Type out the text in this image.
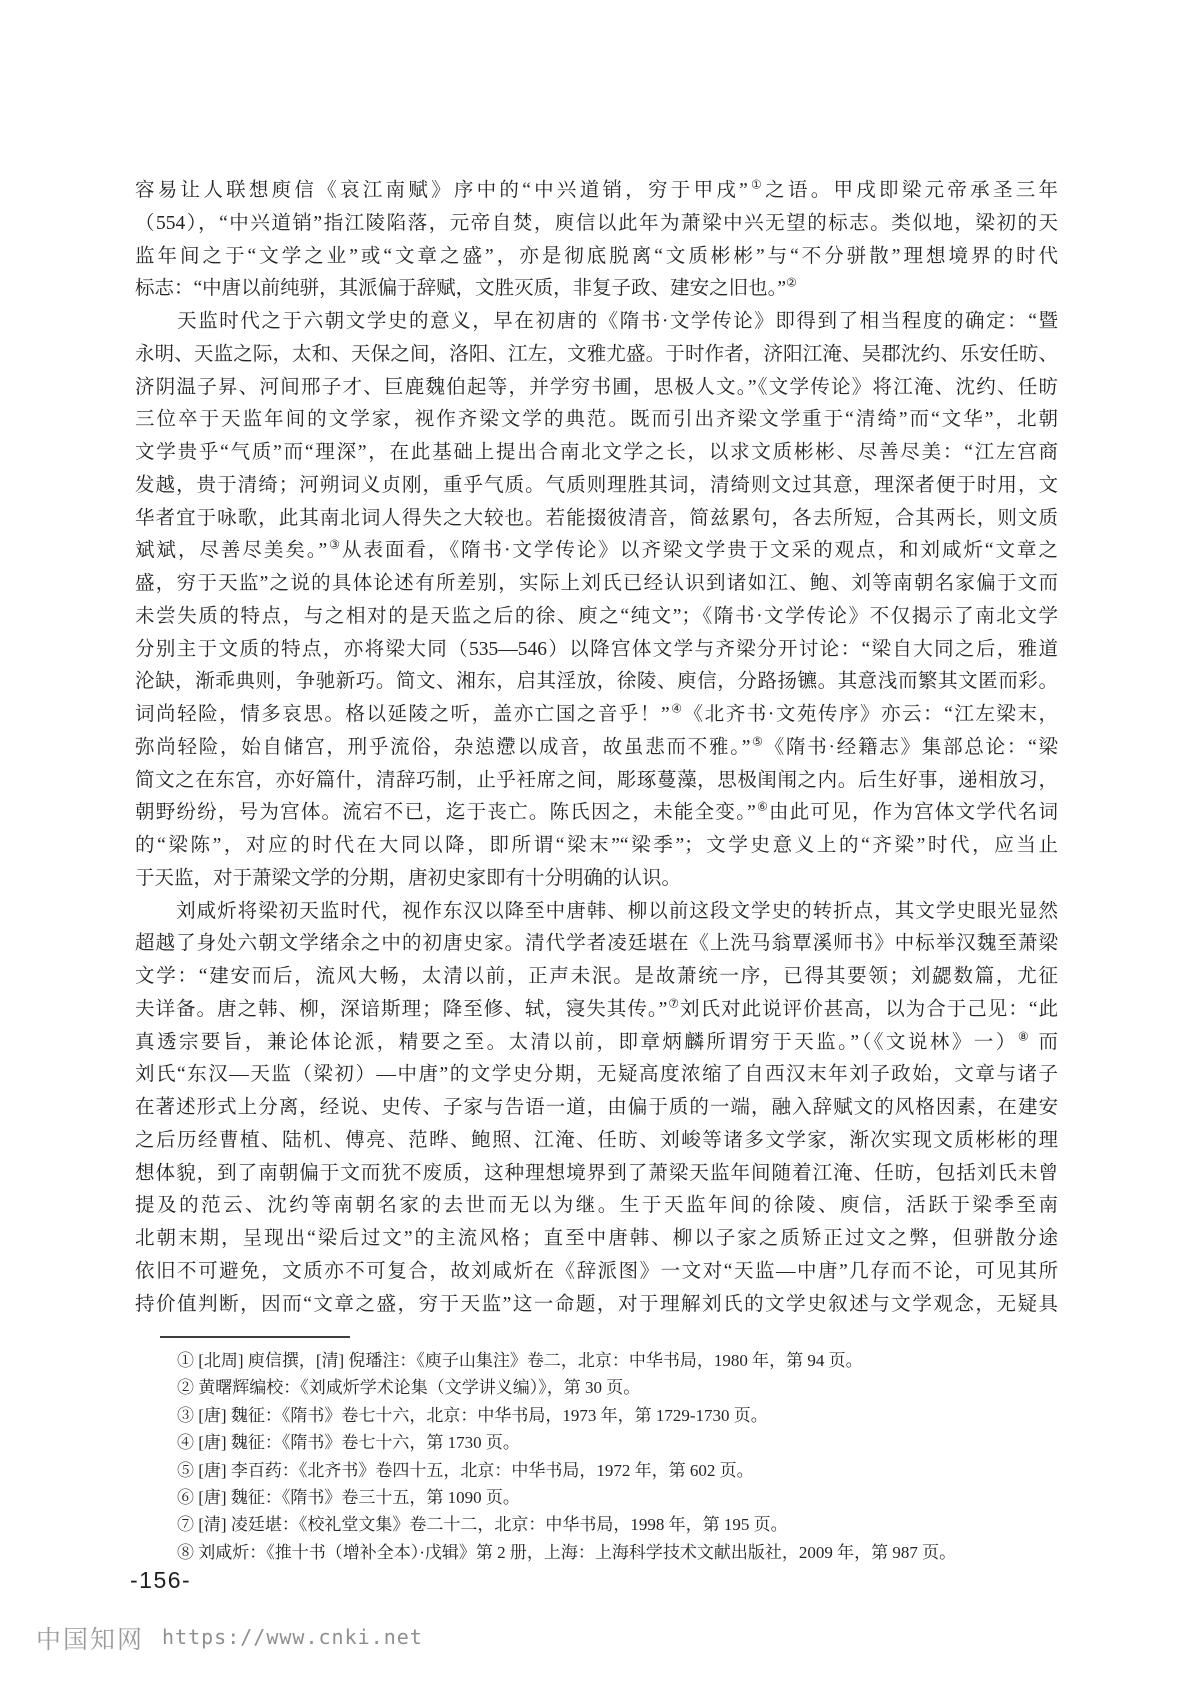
容易让人联想庾信《哀江南赋》序中的“中兴道销，穷于甲戌”①之语。甲戌即梁元帝承圣三年
（554），“中兴道销”指江陵陷落，元帝自焚，庾信以此年为萧梁中兴无望的标志。类似地，梁初的天
监年间之于“文学之业”或“文章之盛”，亦是彻底脱离“文质彬彬”与“不分骈散”理想境界的时代
标志：“中唐以前纯骈，其派偏于辞赋，文胜灭质，非复子政、建安之旧也。”②
　　天监时代之于六朝文学史的意义，早在初唐的《隋书·文学传论》即得到了相当程度的确定：“暨
永明、天监之际，太和、天保之间，洛阳、江左，文雅尤盛。于时作者，济阳江淹、吴郡沈约、乐安任昉、
济阴温子昇、河间邢子才、巨鹿魏伯起等，并学穷书圃，思极人文。”《文学传论》将江淹、沈约、任昉
三位卒于天监年间的文学家，视作齐梁文学的典范。既而引出齐梁文学重于“清绮”而“文华”，北朝
文学贵乎“气质”而“理深”，在此基础上提出合南北文学之长，以求文质彬彬、尽善尽美：“江左宫商
发越，贵于清绮；河朔词义贞刚，重乎气质。气质则理胜其词，清绮则文过其意，理深者便于时用，文
华者宜于咏歌，此其南北词人得失之大较也。若能掇彼清音，简兹累句，各去所短，合其两长，则文质
斌斌，尽善尽美矣。”③从表面看，《隋书·文学传论》以齐梁文学贵于文采的观点，和刘咸炘“文章之
盛，穷于天监”之说的具体论述有所差别，实际上刘氏已经认识到诸如江、鲍、刘等南朝名家偏于文而
未尝失质的特点，与之相对的是天监之后的徐、庾之“纯文”；《隋书·文学传论》不仅揭示了南北文学
分别主于文质的特点，亦将梁大同（535—546）以降宫体文学与齐梁分开讨论：“梁自大同之后，雅道
沦缺，渐乖典则，争驰新巧。简文、湘东，启其淫放，徐陵、庾信，分路扬镳。其意浅而繁其文匿而彩。
词尚轻险，情多哀思。格以延陵之听，盖亦亡国之音乎！”④《北齐书·文苑传序》亦云：“江左梁末，
弥尚轻险，始自储宫，刑乎流俗，杂惉懘以成音，故虽悲而不雅。”⑤《隋书·经籍志》集部总论：“梁
简文之在东宫，亦好篇什，清辞巧制，止乎衽席之间，彫琢蔓藻，思极闺闱之内。后生好事，递相放习，
朝野纷纷，号为宫体。流宕不已，迄于丧亡。陈氏因之，未能全变。”⑥由此可见，作为宫体文学代名词
的“梁陈”，对应的时代在大同以降，即所谓“梁末”“梁季”；文学史意义上的“齐梁”时代，应当止
于天监，对于萧梁文学的分期，唐初史家即有十分明确的认识。
　　刘咸炘将梁初天监时代，视作东汉以降至中唐韩、柳以前这段文学史的转折点，其文学史眼光显然
超越了身处六朝文学绪余之中的初唐史家。清代学者凌廷堪在《上洗马翁覃溪师书》中标举汉魏至萧梁
文学：“建安而后，流风大畅，太清以前，正声未泯。是故萧统一序，已得其要领；刘勰数篇，尤征
夫详备。唐之韩、柳，深谙斯理；降至修、轼，寖失其传。”⑦刘氏对此说评价甚高，以为合于己见：“此
真透宗要旨，兼论体论派，精要之至。太清以前，即章炳麟所谓穷于天监。”（《文说林》一）⑧ 而
刘氏“东汉—天监（梁初）—中唐”的文学史分期，无疑高度浓缩了自西汉末年刘子政始，文章与诸子
在著述形式上分离，经说、史传、子家与告语一道，由偏于质的一端，融入辞赋文的风格因素，在建安
之后历经曹植、陆机、傅亮、范晔、鲍照、江淹、任昉、刘峻等诸多文学家，渐次实现文质彬彬的理
想体貌，到了南朝偏于文而犹不废质，这种理想境界到了萧梁天监年间随着江淹、任昉，包括刘氏未曾
提及的范云、沈约等南朝名家的去世而无以为继。生于天监年间的徐陵、庾信，活跃于梁季至南
北朝末期，呈现出“梁后过文”的主流风格；直至中唐韩、柳以子家之质矫正过文之弊，但骈散分途
依旧不可避免，文质亦不可复合，故刘咸炘在《辞派图》一文对“天监—中唐”几存而不论，可见其所
持价值判断，因而“文章之盛，穷于天监”这一命题，对于理解刘氏的文学史叙述与文学观念，无疑具
① [北周] 庾信撰，[清] 倪璠注：《庾子山集注》卷二，北京：中华书局，1980 年，第 94 页。
② 黄曙辉编校：《刘咸炘学术论集（文学讲义编）》，第 30 页。
③ [唐] 魏征：《隋书》卷七十六，北京：中华书局，1973 年，第 1729-1730 页。
④ [唐] 魏征：《隋书》卷七十六，第 1730 页。
⑤ [唐] 李百药：《北齐书》卷四十五，北京：中华书局，1972 年，第 602 页。
⑥ [唐] 魏征：《隋书》卷三十五，第 1090 页。
⑦ [清] 凌廷堪：《校礼堂文集》卷二十二，北京：中华书局，1998 年，第 195 页。
⑧ 刘咸炘：《推十书（增补全本）·戊辑》第 2 册，上海：上海科学技术文献出版社，2009 年，第 987 页。
-156-
中国知网 https://www.cnki.net
